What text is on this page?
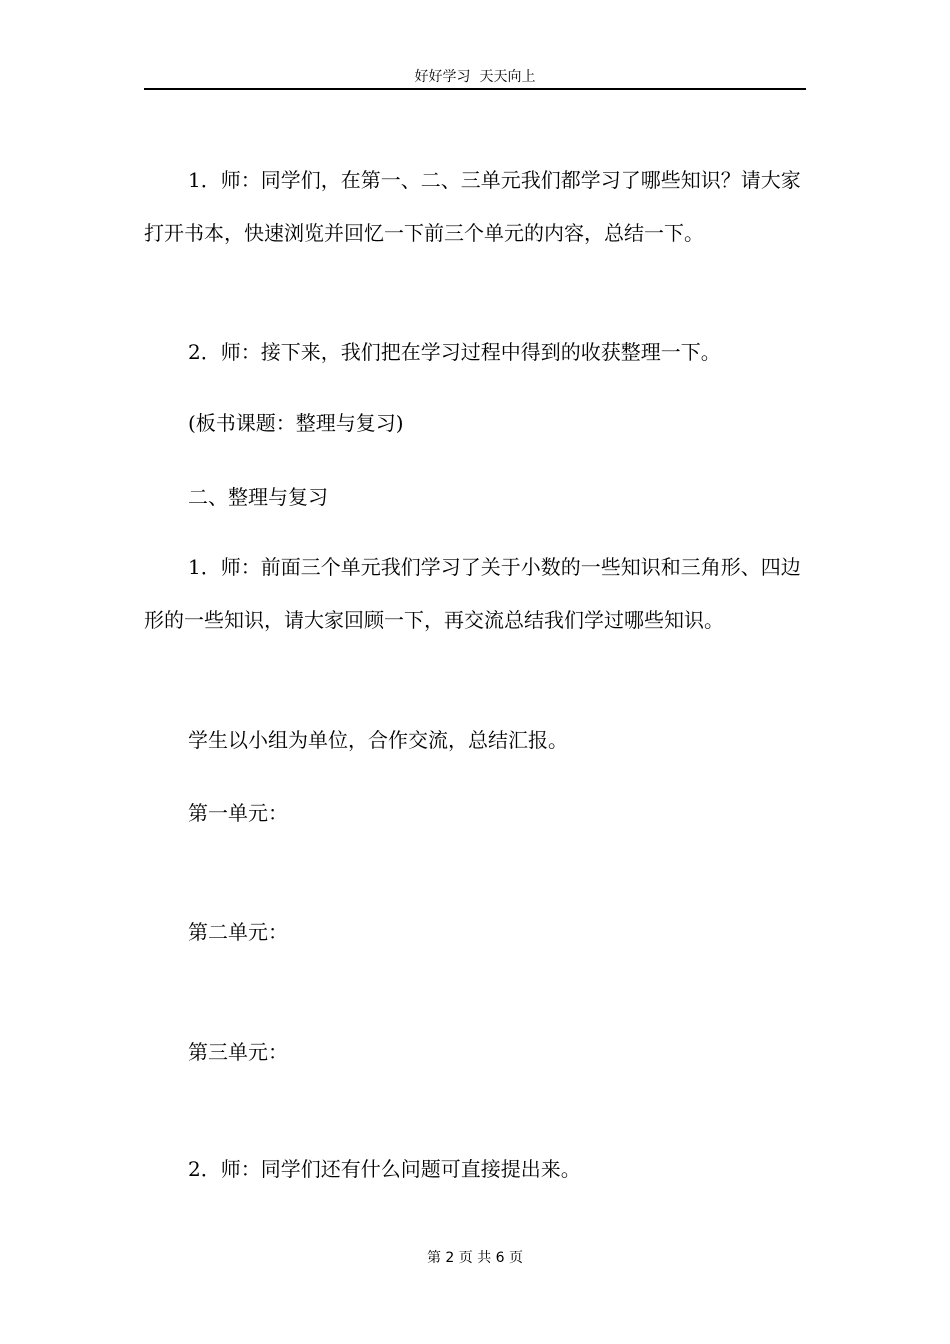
好好学习  天天向上

1．师：同学们，在第一、二、三单元我们都学习了哪些知识？请大家打开书本，快速浏览并回忆一下前三个单元的内容，总结一下。

2．师：接下来，我们把在学习过程中得到的收获整理一下。
(板书课题：整理与复习)
二、整理与复习

1．师：前面三个单元我们学习了关于小数的一些知识和三角形、四边形的一些知识，请大家回顾一下，再交流总结我们学过哪些知识。

学生以小组为单位，合作交流，总结汇报。
第一单元：
第二单元：
第三单元：
2．师：同学们还有什么问题可直接提出来。
第 2 页 共 6 页
